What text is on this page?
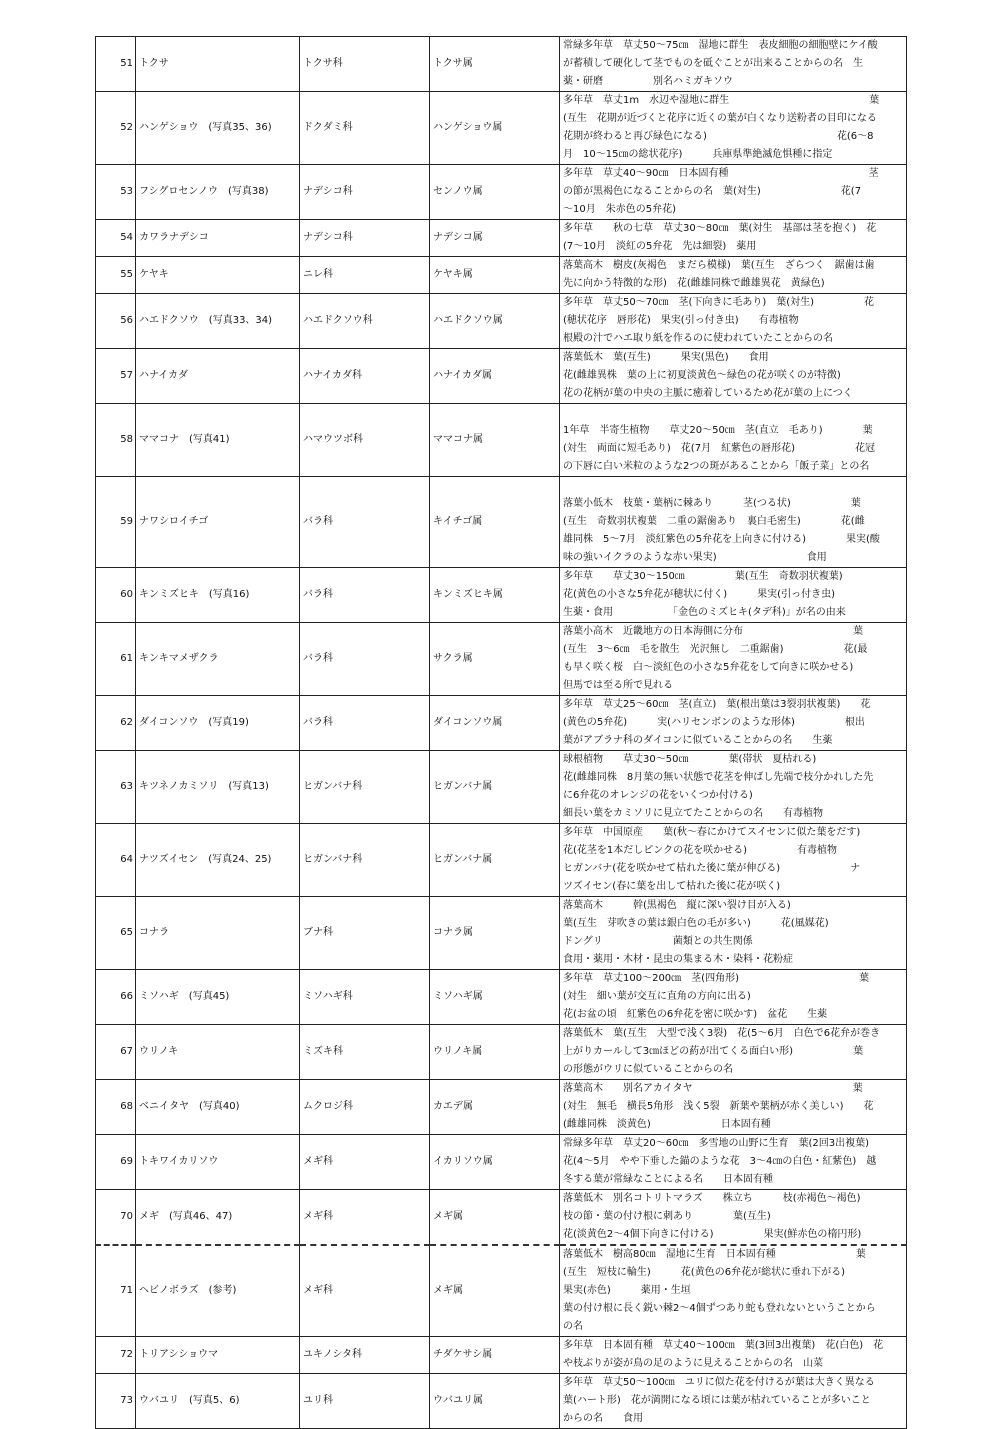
51	トクサ	トクサ科	トクサ属	常緑多年草　草丈50～75㎝　湿地に群生　表皮細胞の細胞壁にケイ酸
が蓄積して硬化して茎でものを砥ぐことが出来ることからの名　生
薬・研磨　　　　　別名ハミガキソウ

52	ハンゲショウ　(写真35、36)	ドクダミ科	ハンゲショウ属	多年草　草丈1m　水辺や湿地に群生　　　　　　　　　　　　　　葉
(互生　花期が近づくと花序に近くの葉が白くなり送粉者の目印になる
花期が終わると再び緑色になる)　　　　　　　　　　　　　花(6～8
月　10～15㎝の総状花序)　　　兵庫県準絶滅危惧種に指定

53	フシグロセンノウ　(写真38)	ナデシコ科	センノウ属	多年草　草丈40～90㎝　日本固有種　　　　　　　　　　　　　　茎
の節が黒褐色になることからの名　葉(対生)　　　　　　　　花(7
～10月　朱赤色の5弁花)

54	カワラナデシコ	ナデシコ科	ナデシコ属	多年草　　秋の七草　草丈30～80㎝　葉(対生　基部は茎を抱く)　花
(7～10月　淡紅の5弁花　先は細裂)　薬用

55	ケヤキ	ニレ科	ケヤキ属	落葉高木　樹皮(灰褐色　まだら模様)　葉(互生　ざらつく　鋸歯は歯
先に向かう特徴的な形)　花(雌雄同株で雌雄異花　黄緑色)

56	ハエドクソウ　(写真33、34)	ハエドクソウ科	ハエドクソウ属	多年草　草丈50～70㎝　茎(下向きに毛あり)　葉(対生)　　　　　花
(穂状花序　唇形花)　果実(引っ付き虫)　　有毒植物
根殿の汁でハエ取り紙を作るのに使われていたことからの名

57	ハナイカダ	ハナイカダ科	ハナイカダ属	落葉低木　葉(互生)　　　果実(黒色)　　食用
花(雌雄異株　葉の上に初夏淡黄色～緑色の花が咲くのが特徴)
花の花柄が葉の中央の主脈に癒着しているため花が葉の上につく

58	ママコナ　(写真41)	ハマウツボ科	ママコナ属	1年草　半寄生植物　　草丈20～50㎝　茎(直立　毛あり)　　　　葉
(対生　両面に短毛あり)　花(7月　紅紫色の唇形花)　　　　　　花冠
の下唇に白い米粒のような2つの斑があることから「飯子菜」との名

59	ナワシロイチゴ	バラ科	キイチゴ属	落葉小低木　枝葉・葉柄に棘あり　　　茎(つる状)　　　　　　葉
(互生　奇数羽状複葉　二重の鋸歯あり　裏白毛密生)　　　　花(雌
雄同株　5～7月　淡紅紫色の5弁花を上向きに付ける)　　　　果実(酸
味の強いイクラのような赤い果実)　　　　　　　　　食用

60	キンミズヒキ　(写真16)	バラ科	キンミズヒキ属	多年草　　草丈30～150㎝　　　　　葉(互生　奇数羽状複葉)
花(黄色の小さな5弁花が穂状に付く)　　　果実(引っ付き虫)
生薬・食用　　　　　　「金色のミズヒキ(タデ科)」が名の由来

61	キンキマメザクラ	バラ科	サクラ属	落葉小高木　近畿地方の日本海側に分布　　　　　　　　　　　葉
(互生　3～6㎝　毛を散生　光沢無し　二重鋸歯)　　　　　　花(最
も早く咲く桜　白～淡紅色の小さな5弁花をして向きに咲かせる)
但馬では至る所で見れる

62	ダイコンソウ　(写真19)	バラ科	ダイコンソウ属	多年草　草丈25～60㎝　茎(直立)　葉(根出葉は3裂羽状複葉)　　花
(黄色の5弁花)　　　実(ハリセンボンのような形体)　　　　　根出
葉がアブラナ科のダイコンに似ていることからの名　　生薬

63	キツネノカミソリ　(写真13)	ヒガンバナ科	ヒガンバナ属	球根植物　　草丈30～50㎝　　　　葉(帯状　夏枯れる)
花(雌雄同株　8月葉の無い状態で花茎を伸ばし先端で枝分かれした先
に6弁花のオレンジの花をいくつか付ける)
細長い葉をカミソリに見立てたことからの名　　有毒植物

64	ナツズイセン　(写真24、25)	ヒガンバナ科	ヒガンバナ属	多年草　中国原産　　葉(秋～春にかけてスイセンに似た葉をだす)
花(花茎を1本だしピンクの花を咲かせる)　　　　　有毒植物
ヒガンバナ(花を咲かせて枯れた後に葉が伸びる)　　　　　　　ナ
ツズイセン(春に葉を出して枯れた後に花が咲く)

65	コナラ	ブナ科	コナラ属	落葉高木　　　幹(黒褐色　縦に深い裂け目が入る)
葉(互生　芽吹きの葉は銀白色の毛が多い)　　　花(風媒花)
ドングリ　　　　　　　菌類との共生関係
食用・薬用・木材・昆虫の集まる木・染料・花粉症

66	ミソハギ　(写真45)	ミソハギ科	ミソハギ属	多年草　草丈100～200㎝　茎(四角形)　　　　　　　　　　　　葉
(対生　細い葉が交互に直角の方向に出る)
花(お盆の頃　紅紫色の6弁花を密に咲かす)　盆花　　生薬

67	ウリノキ	ミズキ科	ウリノキ属	落葉低木　葉(互生　大型で浅く3裂)　花(5～6月　白色で6花弁が巻き
上がりカールして3㎝ほどの葯が出てくる面白い形)　　　　　　葉
の形態がウリに似ていることからの名

68	ベニイタヤ　(写真40)	ムクロジ科	カエデ属	落葉高木　　別名アカイタヤ　　　　　　　　　　　　　　　　葉
(対生　無毛　横長5角形　浅く5裂　新葉や葉柄が赤く美しい)　　花
(雌雄同株　淡黄色)　　　　　　　日本固有種

69	トキワイカリソウ	メギ科	イカリソウ属	常緑多年草　草丈20～60㎝　多雪地の山野に生育　葉(2回3出複葉)
花(4～5月　やや下垂した錨のような花　3～4㎝の白色・紅紫色)　越
冬する葉が常緑なことによる名　　日本固有種

70	メギ　(写真46、47)	メギ科	メギ属	落葉低木　別名コトリトマラズ　　株立ち　　　枝(赤褐色～褐色)
枝の節・葉の付け根に刺あり　　　　葉(互生)
花(淡黄色2～4個下向きに付ける)　　　　　果実(鮮赤色の楕円形)

71	ヘビノボラズ　(参考)	メギ科	メギ属	落葉低木　樹高80㎝　湿地に生育　日本固有種　　　　　　　　葉
(互生　短枝に輪生)　　　花(黄色の6弁花が総状に垂れ下がる)
果実(赤色)　　　薬用・生垣
葉の付け根に長く鋭い棘2～4個ずつあり蛇も登れないということから
の名

72	トリアシショウマ	ユキノシタ科	チダケサシ属	多年草　日本固有種　草丈40～100㎝　葉(3回3出複葉)　花(白色)　花
や枝ぶりが姿が鳥の足のように見えることからの名　山菜

73	ウバユリ　(写真5、6)	ユリ科	ウバユリ属	多年草　草丈50～100㎝　ユリに似た花を付けるが葉は大きく異なる
葉(ハート形)　花が満開になる頃には葉が枯れていることが多いこと
からの名　　食用
